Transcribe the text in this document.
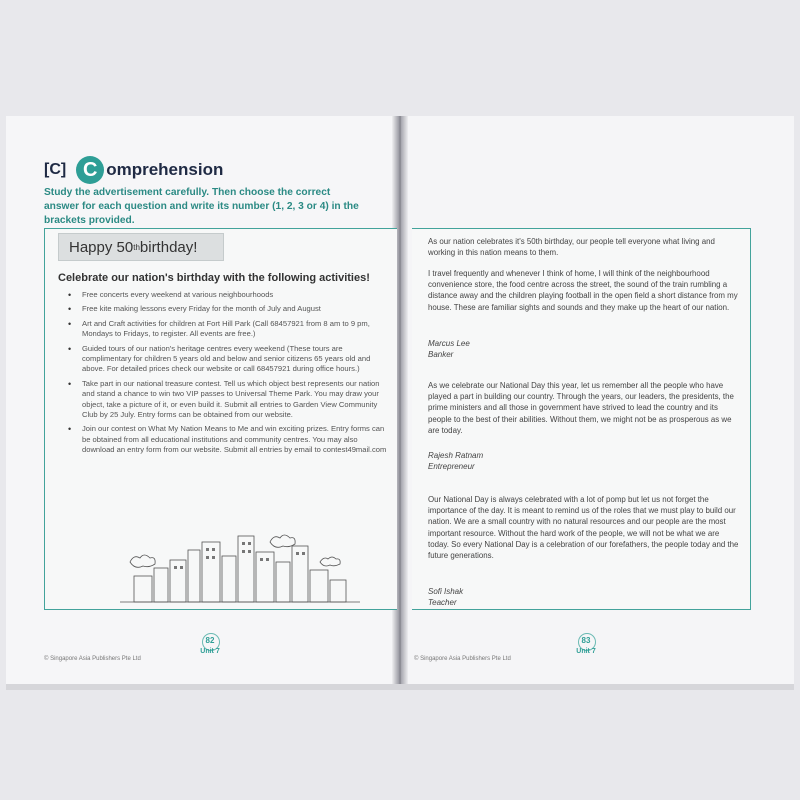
[C] C omprehension
Study the advertisement carefully. Then choose the correct answer for each question and write its number (1, 2, 3 or 4) in the brackets provided.
Happy 50 th birthday!
Celebrate our nation's birthday with the following activities!
• Free concerts every weekend at various neighbourhoods
• Free kite making lessons every Friday for the month of July and August
• Art and Craft activities for children at Fort Hill Park (Call 68457921 from 8 am to 9 pm, Mondays to Fridays, to register. All events are free.)
• Guided tours of our nation's heritage centres every weekend (These tours are complimentary for children 5 years old and below and senior citizens 65 years old and above. For detailed prices check our website or call 68457921 during office hours.)
• Take part in our national treasure contest. Tell us which object best represents our nation and stand a chance to win two VIP passes to Universal Theme Park. You may draw your object, take a picture of it, or even build it. Submit all entries to Garden View Community Club by 25 July. Entry forms can be obtained from our website.
• Join our contest on What My Nation Means to Me and win exciting prizes. Entry forms can be obtained from all educational institutions and community centres. You may also download an entry form from our website. Submit all entries by email to contest49mail.com
As our nation celebrates it's 50th birthday, our people tell everyone what living and working in this nation means to them.
I travel frequently and whenever I think of home, I will think of the neighbourhood convenience store, the food centre across the street, the sound of the train rumbling a distance away and the children playing football in the open field a short distance from my house. These are familiar sights and sounds and they make up the heart of our nation.
Marcus Lee
Banker
As we celebrate our National Day this year, let us remember all the people who have played a part in building our country. Through the years, our leaders, the presidents, the prime ministers and all those in government have strived to lead the country and its people to the best of their abilities. Without them, we might not be as prosperous as we are today.
Rajesh Ratnam
Entrepreneur
Our National Day is always celebrated with a lot of pomp but let us not forget the importance of the day. It is meant to remind us of the roles that we must play to build our nation. We are a small country with no natural resources and our people are the most important resource. Without the hard work of the people, we will not be what we are today. So every National Day is a celebration of our forefathers, the people today and the future generations.
Sofi Ishak
Teacher
82
Unit 7
© Singapore Asia Publishers Pte Ltd
83
Unit 7
© Singapore Asia Publishers Pte Ltd
